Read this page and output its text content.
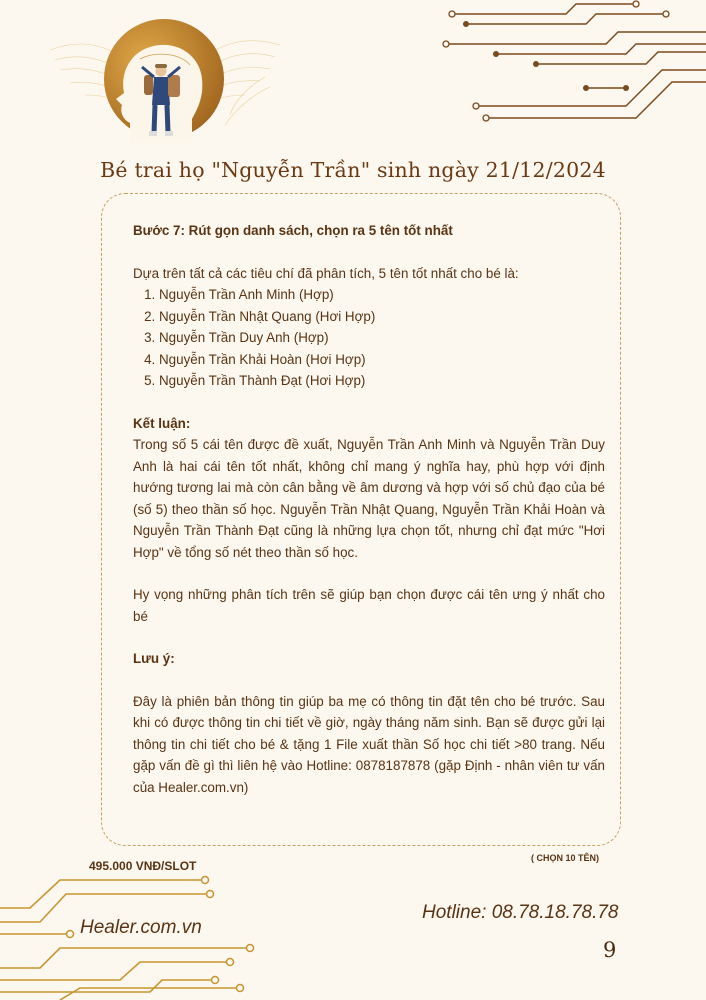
Bé trai họ "Nguyễn Trần" sinh ngày 21/12/2024

Bước 7: Rút gọn danh sách, chọn ra 5 tên tốt nhất

Dựa trên tất cả các tiêu chí đã phân tích, 5 tên tốt nhất cho bé là:

1. Nguyễn Trần Anh Minh (Hợp)
2. Nguyễn Trần Nhật Quang (Hơi Hợp)
3. Nguyễn Trần Duy Anh (Hợp)
4. Nguyễn Trần Khải Hoàn (Hơi Hợp)
5. Nguyễn Trần Thành Đạt (Hơi Hợp)

Kết luận:

Trong số 5 cái tên được đề xuất, Nguyễn Trần Anh Minh và Nguyễn Trần Duy Anh là hai cái tên tốt nhất, không chỉ mang ý nghĩa hay, phù hợp với định hướng tương lai mà còn cân bằng về âm dương và hợp với số chủ đạo của bé (số 5) theo thần số học. Nguyễn Trần Nhật Quang, Nguyễn Trần Khải Hoàn và Nguyễn Trần Thành Đạt cũng là những lựa chọn tốt, nhưng chỉ đạt mức "Hơi Hợp" về tổng số nét theo thần số học.

Hy vọng những phân tích trên sẽ giúp bạn chọn được cái tên ưng ý nhất cho bé

Lưu ý:

Đây là phiên bản thông tin giúp ba mẹ có thông tin đặt tên cho bé trước. Sau khi có được thông tin chi tiết về giờ, ngày tháng năm sinh. Bạn sẽ được gửi lại thông tin chi tiết cho bé & tặng 1 File xuất thần Số học chi tiết >80 trang. Nếu gặp vấn đề gì thì liên hệ vào Hotline: 0878187878 (gặp Định - nhân viên tư vấn của Healer.com.vn)

495.000 VNĐ/SLOT
( CHỌN 10 TÊN)
Healer.com.vn
Hotline: 08.78.18.78.78
9
